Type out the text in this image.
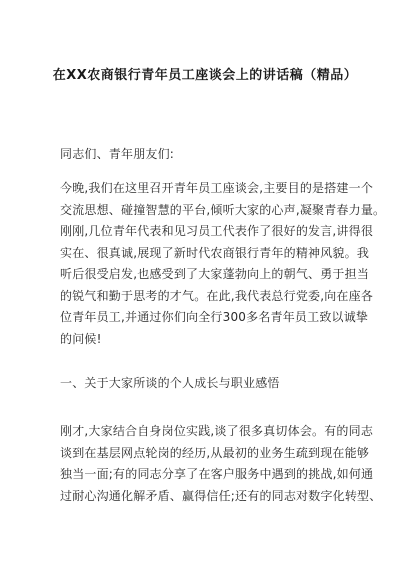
在XX农商银行青年员工座谈会上的讲话稿（精品）
同志们、青年朋友们:
今晚,我们在这里召开青年员工座谈会,主要目的是搭建一个
交流思想、碰撞智慧的平台,倾听大家的心声,凝聚青春力量。
刚刚,几位青年代表和见习员工代表作了很好的发言,讲得很
实在、很真诚,展现了新时代农商银行青年的精神风貌。我
听后很受启发,也感受到了大家蓬勃向上的朝气、勇于担当
的锐气和勤于思考的才气。在此,我代表总行党委,向在座各
位青年员工,并通过你们向全行300多名青年员工致以诚挚
的问候!
一、关于大家所谈的个人成长与职业感悟
刚才,大家结合自身岗位实践,谈了很多真切体会。有的同志
谈到在基层网点轮岗的经历,从最初的业务生疏到现在能够
独当一面;有的同志分享了在客户服务中遇到的挑战,如何通
过耐心沟通化解矛盾、赢得信任;还有的同志对数字化转型、
